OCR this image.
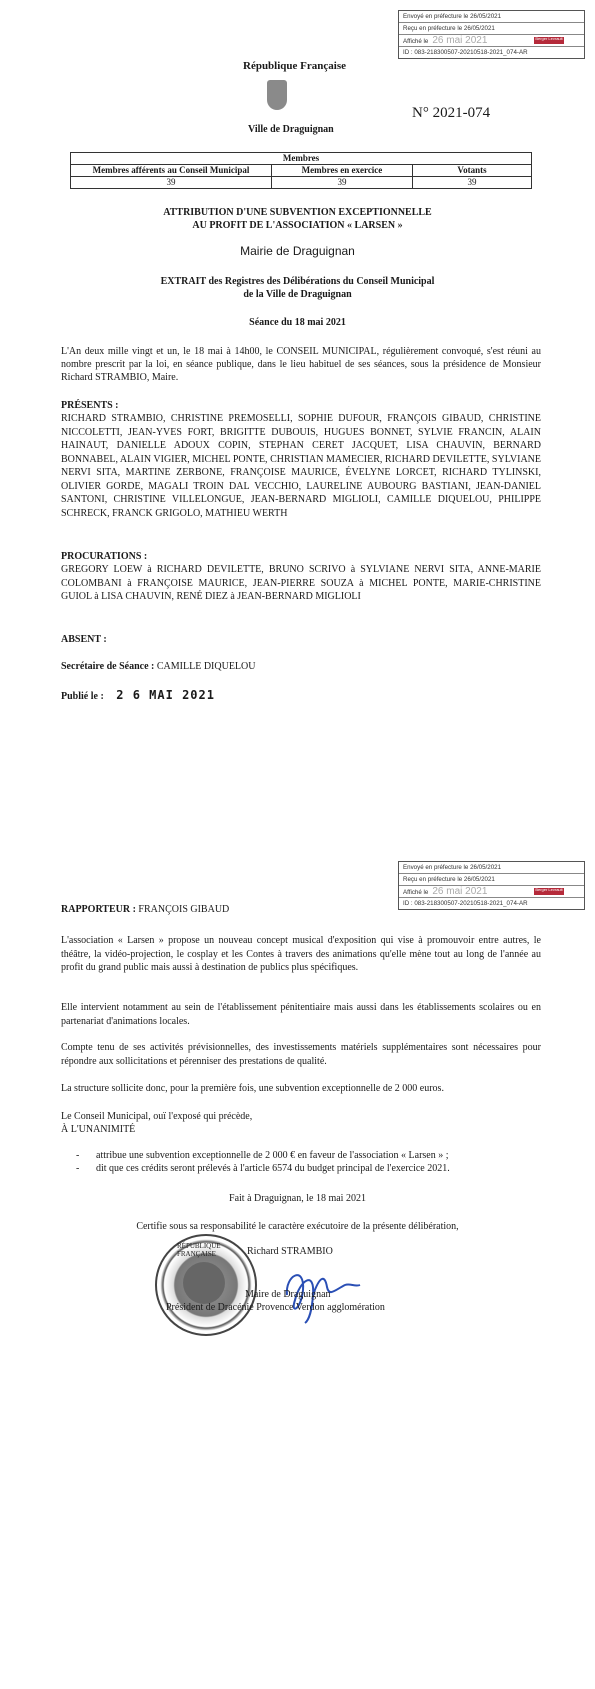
Envoyé en préfecture le 26/05/2021
Reçu en préfecture le 26/05/2021
Affiché le 26 mai 2021	Berger Levrault
ID : 083-218300507-20210518-2021_074-AR
République Française
Ville de Draguignan
N° 2021-074
Membres		
Membres afférents au Conseil Municipal	Membres en exercice	Votants
39	39	39
ATTRIBUTION D'UNE SUBVENTION EXCEPTIONNELLE
AU PROFIT DE L'ASSOCIATION « LARSEN »
Mairie de Draguignan
EXTRAIT des Registres des Délibérations du Conseil Municipal
de la Ville de Draguignan
Séance du 18 mai 2021
L'An deux mille vingt et un, le 18 mai à 14h00, le CONSEIL MUNICIPAL, régulièrement convoqué, s'est réuni au nombre prescrit par la loi, en séance publique, dans le lieu habituel de ses séances, sous la présidence de Monsieur Richard STRAMBIO, Maire.
PRÉSENTS :
RICHARD STRAMBIO, CHRISTINE PREMOSELLI, SOPHIE DUFOUR, FRANÇOIS GIBAUD, CHRISTINE NICCOLETTI, JEAN-YVES FORT, BRIGITTE DUBOUIS, HUGUES BONNET, SYLVIE FRANCIN, ALAIN HAINAUT, DANIELLE ADOUX COPIN, STEPHAN CERET JACQUET, LISA CHAUVIN, BERNARD BONNABEL, ALAIN VIGIER, MICHEL PONTE, CHRISTIAN MAMECIER, RICHARD DEVILETTE, SYLVIANE NERVI SITA, MARTINE ZERBONE, FRANÇOISE MAURICE, ÉVELYNE LORCET, RICHARD TYLINSKI, OLIVIER GORDE, MAGALI TROIN DAL VECCHIO, LAURELINE AUBOURG BASTIANI, JEAN-DANIEL SANTONI, CHRISTINE VILLELONGUE, JEAN-BERNARD MIGLIOLI, CAMILLE DIQUELOU, PHILIPPE SCHRECK, FRANCK GRIGOLO, MATHIEU WERTH
PROCURATIONS :
GREGORY LOEW à RICHARD DEVILETTE, BRUNO SCRIVO à SYLVIANE NERVI SITA, ANNE-MARIE COLOMBANI à FRANÇOISE MAURICE, JEAN-PIERRE SOUZA à MICHEL PONTE, MARIE-CHRISTINE GUIOL à LISA CHAUVIN, RENÉ DIEZ à JEAN-BERNARD MIGLIOLI
ABSENT :
Secrétaire de Séance : CAMILLE DIQUELOU
Publié le : 2 6 MAI 2021
Envoyé en préfecture le 26/05/2021
Reçu en préfecture le 26/05/2021
Affiché le 26 mai 2021	Berger Levrault
ID : 083-218300507-20210518-2021_074-AR
RAPPORTEUR : FRANÇOIS GIBAUD
L'association « Larsen » propose un nouveau concept musical d'exposition qui vise à promouvoir entre autres, le théâtre, la vidéo-projection, le cosplay et les Contes à travers des animations qu'elle mène tout au long de l'année au profit du grand public mais aussi à destination de publics plus spécifiques.
Elle intervient notamment au sein de l'établissement pénitentiaire mais aussi dans les établissements scolaires ou en partenariat d'animations locales.
Compte tenu de ses activités prévisionnelles, des investissements matériels supplémentaires sont nécessaires pour répondre aux sollicitations et pérenniser des prestations de qualité.
La structure sollicite donc, pour la première fois, une subvention exceptionnelle de 2 000 euros.
Le Conseil Municipal, ouï l'exposé qui précède,
À L'UNANIMITÉ
- attribue une subvention exceptionnelle de 2 000 € en faveur de l'association « Larsen » ;
- dit que ces crédits seront prélevés à l'article 6574 du budget principal de l'exercice 2021.
Fait à Draguignan, le 18 mai 2021
Certifie sous sa responsabilité le caractère exécutoire de la présente délibération,
RÉPUBLIQUE FRANÇAISE	Richard STRAMBIO
Maire de Draguignan
Président de Dracénie Provence Verdon agglomération
